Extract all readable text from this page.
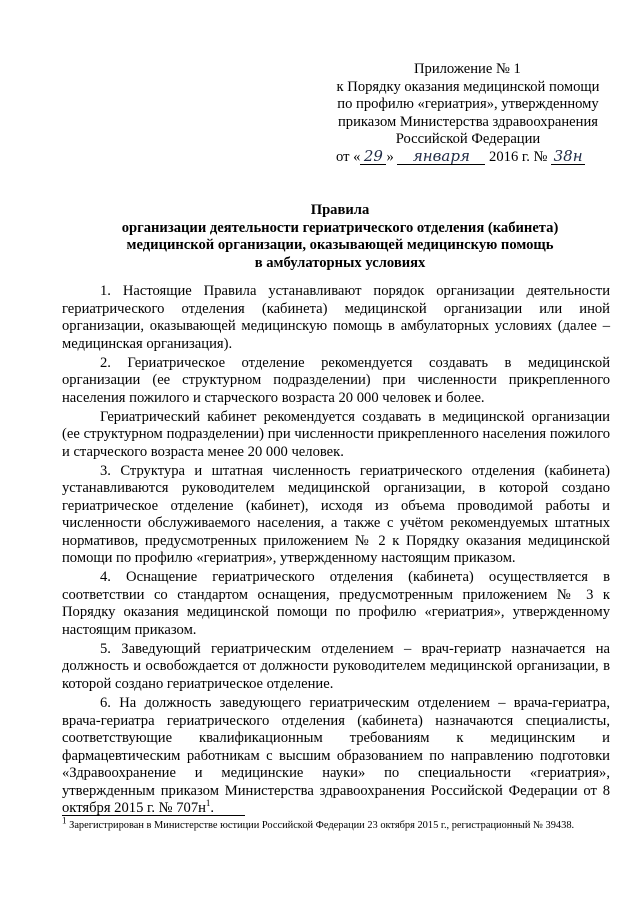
Приложение № 1
к Порядку оказания медицинской помощи
по профилю «гериатрия», утвержденному
приказом Министерства здравоохранения
Российской Федерации
от « 29 » января 2016 г. № 38н
Правила
организации деятельности гериатрического отделения (кабинета)
медицинской организации, оказывающей медицинскую помощь
в амбулаторных условиях

1. Настоящие Правила устанавливают порядок организации деятельности гериатрического отделения (кабинета) медицинской организации или иной организации, оказывающей медицинскую помощь в амбулаторных условиях (далее – медицинская организация).

2. Гериатрическое отделение рекомендуется создавать в медицинской организации (ее структурном подразделении) при численности прикрепленного населения пожилого и старческого возраста 20 000 человек и более.

Гериатрический кабинет рекомендуется создавать в медицинской организации (ее структурном подразделении) при численности прикрепленного населения пожилого и старческого возраста менее 20 000 человек.

3. Структура и штатная численность гериатрического отделения (кабинета) устанавливаются руководителем медицинской организации, в которой создано гериатрическое отделение (кабинет), исходя из объема проводимой работы и численности обслуживаемого населения, а также с учётом рекомендуемых штатных нормативов, предусмотренных приложением № 2 к Порядку оказания медицинской помощи по профилю «гериатрия», утвержденному настоящим приказом.

4. Оснащение гериатрического отделения (кабинета) осуществляется в соответствии со стандартом оснащения, предусмотренным приложением № 3 к Порядку оказания медицинской помощи по профилю «гериатрия», утвержденному настоящим приказом.

5. Заведующий гериатрическим отделением – врач-гериатр назначается на должность и освобождается от должности руководителем медицинской организации, в которой создано гериатрическое отделение.

6. На должность заведующего гериатрическим отделением – врача-гериатра, врача-гериатра гериатрического отделения (кабинета) назначаются специалисты, соответствующие квалификационным требованиям к медицинским и фармацевтическим работникам с высшим образованием по направлению подготовки «Здравоохранение и медицинские науки» по специальности «гериатрия», утвержденным приказом Министерства здравоохранения Российской Федерации от 8 октября 2015 г. № $707н^1$.

$^1$ Зарегистрирован в Министерстве юстиции Российской Федерации 23 октября 2015 г., регистрационный № 39438.
